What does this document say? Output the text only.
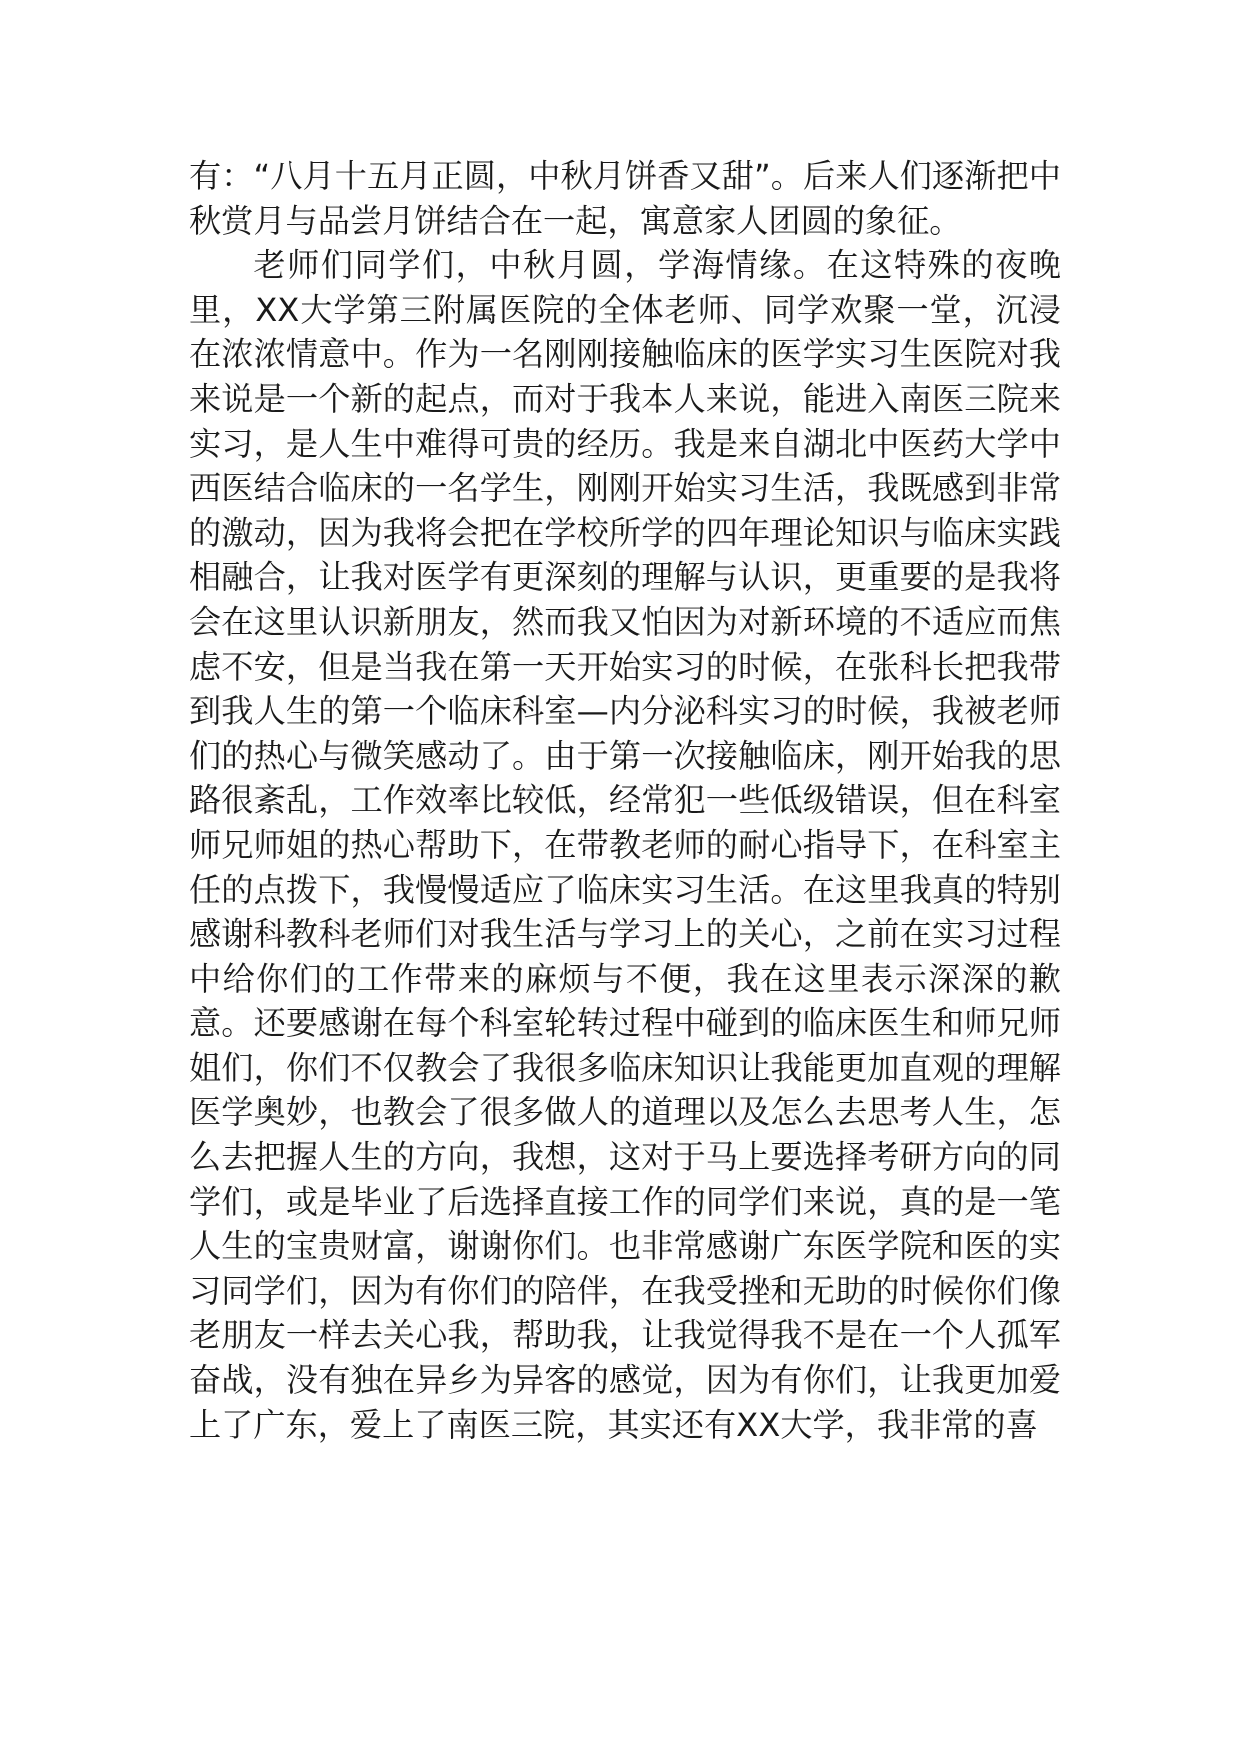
有：“八月十五月正圆，中秋月饼香又甜”。后来人们逐渐把中秋赏月与品尝月饼结合在一起，寓意家人团圆的象征。

老师们同学们，中秋月圆，学海情缘。在这特殊的夜晚里，XX大学第三附属医院的全体老师、同学欢聚一堂，沉浸在浓浓情意中。作为一名刚刚接触临床的医学实习生医院对我来说是一个新的起点，而对于我本人来说，能进入南医三院来实习，是人生中难得可贵的经历。我是来自湖北中医药大学中西医结合临床的一名学生，刚刚开始实习生活，我既感到非常的激动，因为我将会把在学校所学的四年理论知识与临床实践相融合，让我对医学有更深刻的理解与认识，更重要的是我将会在这里认识新朋友，然而我又怕因为对新环境的不适应而焦虑不安，但是当我在第一天开始实习的时候，在张科长把我带到我人生的第一个临床科室—内分泌科实习的时候，我被老师们的热心与微笑感动了。由于第一次接触临床，刚开始我的思路很紊乱，工作效率比较低，经常犯一些低级错误，但在科室师兄师姐的热心帮助下，在带教老师的耐心指导下，在科室主任的点拨下，我慢慢适应了临床实习生活。在这里我真的特别感谢科教科老师们对我生活与学习上的关心，之前在实习过程中给你们的工作带来的麻烦与不便，我在这里表示深深的歉意。还要感谢在每个科室轮转过程中碰到的临床医生和师兄师姐们，你们不仅教会了我很多临床知识让我能更加直观的理解医学奥妙，也教会了很多做人的道理以及怎么去思考人生，怎么去把握人生的方向，我想，这对于马上要选择考研方向的同学们，或是毕业了后选择直接工作的同学们来说，真的是一笔人生的宝贵财富，谢谢你们。也非常感谢广东医学院和医的实习同学们，因为有你们的陪伴，在我受挫和无助的时候你们像老朋友一样去关心我，帮助我，让我觉得我不是在一个人孤军奋战，没有独在异乡为异客的感觉，因为有你们，让我更加爱上了广东，爱上了南医三院，其实还有XX大学，我非常的喜
